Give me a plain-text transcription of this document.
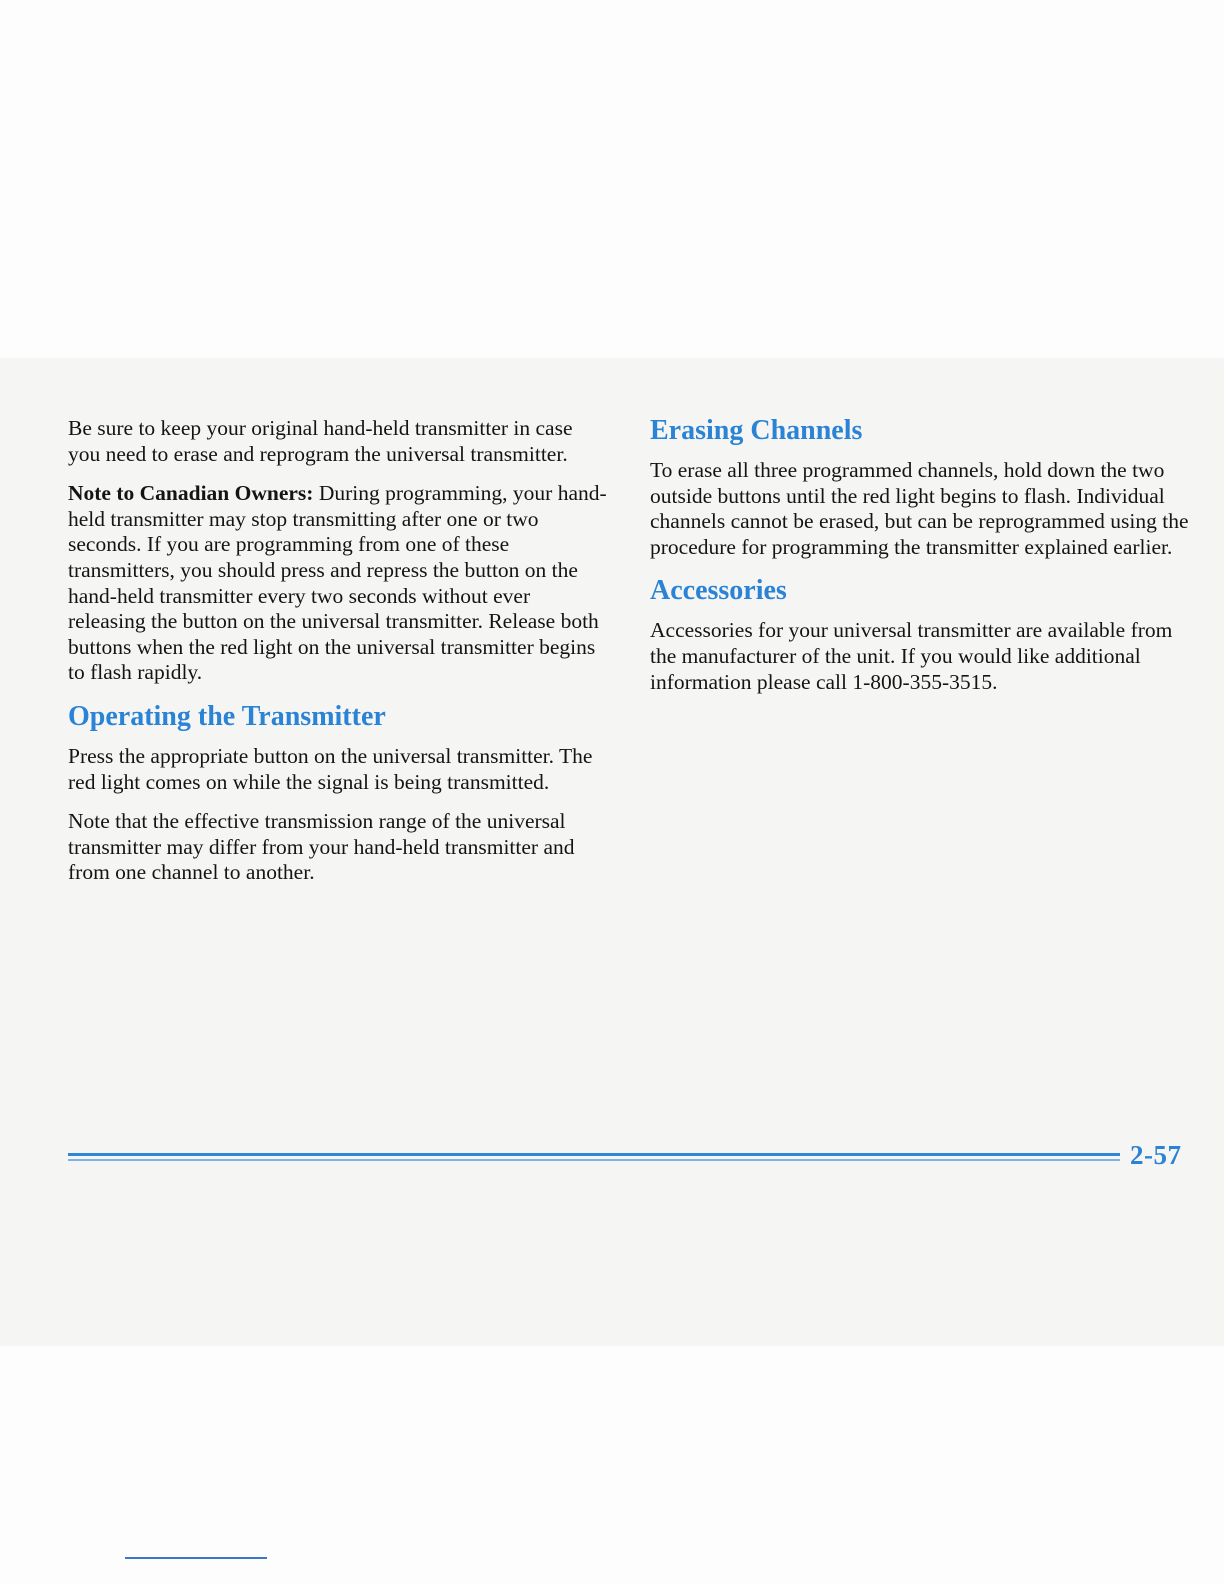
Be sure to keep your original hand-held transmitter in case you need to erase and reprogram the universal transmitter.

Note to Canadian Owners: During programming, your hand-held transmitter may stop transmitting after one or two seconds. If you are programming from one of these transmitters, you should press and repress the button on the hand-held transmitter every two seconds without ever releasing the button on the universal transmitter. Release both buttons when the red light on the universal transmitter begins to flash rapidly.

Operating the Transmitter

Press the appropriate button on the universal transmitter. The red light comes on while the signal is being transmitted.

Note that the effective transmission range of the universal transmitter may differ from your hand-held transmitter and from one channel to another.

Erasing Channels

To erase all three programmed channels, hold down the two outside buttons until the red light begins to flash. Individual channels cannot be erased, but can be reprogrammed using the procedure for programming the transmitter explained earlier.

Accessories

Accessories for your universal transmitter are available from the manufacturer of the unit. If you would like additional information please call 1-800-355-3515.

2-57
